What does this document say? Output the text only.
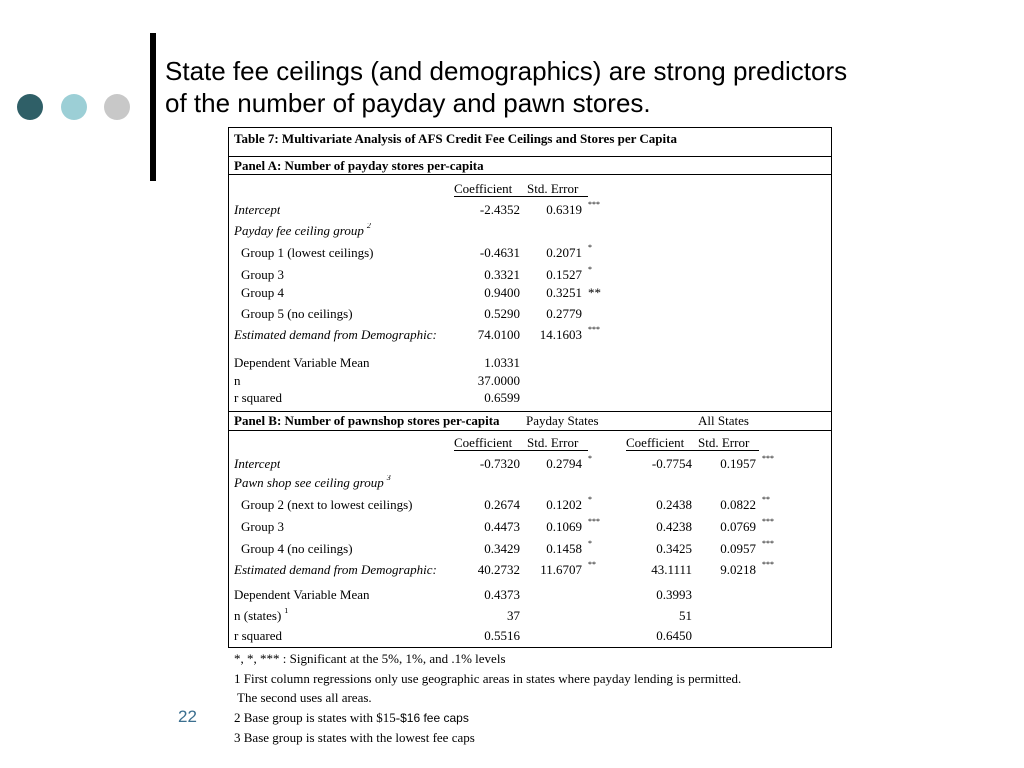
State fee ceilings (and demographics) are strong predictors
of the number of payday and pawn stores.
Table 7: Multivariate Analysis of AFS Credit Fee Ceilings and Stores per Capita
Panel A: Number of payday stores per-capita
Coefficient Std. Error
Intercept	-2.4352 0.6319 ***
Payday fee ceiling group $^2$
Group 1 (lowest ceilings)	-0.4631 0.2071 *
Group 3	0.3321 0.1527 *
Group 4	0.9400 0.3251 **
Group 5 (no ceilings)	0.5290 0.2779
Estimated demand from Demographic:	74.0100 14.1603 ***
Dependent Variable Mean	1.0331
n	37.0000
r squared	0.6599
Panel B: Number of pawnshop stores per-capita Payday States	All States
Coefficient Std. Error	Coefficient Std. Error
Intercept	-0.7320 0.2794 *	-0.7754 0.1957 ***
Pawn shop see ceiling group $^3$
Group 2 (next to lowest ceilings)	0.2674 0.1202 *	0.2438 0.0822 **
Group 3	0.4473 0.1069 ***	0.4238 0.0769 ***
Group 4 (no ceilings)	0.3429 0.1458 *	0.3425 0.0957 ***
Estimated demand from Demographic:	40.2732 11.6707 **	43.1111 9.0218 ***
Dependent Variable Mean	0.4373	0.3993
n (states) $^1$	37	51
r squared	0.5516	0.6450
*, *, *** : Significant at the 5%, 1%, and .1% levels
1 First column regressions only use geographic areas in states where payday lending is permitted.
The second uses all areas.
2 Base group is states with $15-$16 fee caps
3 Base group is states with the lowest fee caps
22
